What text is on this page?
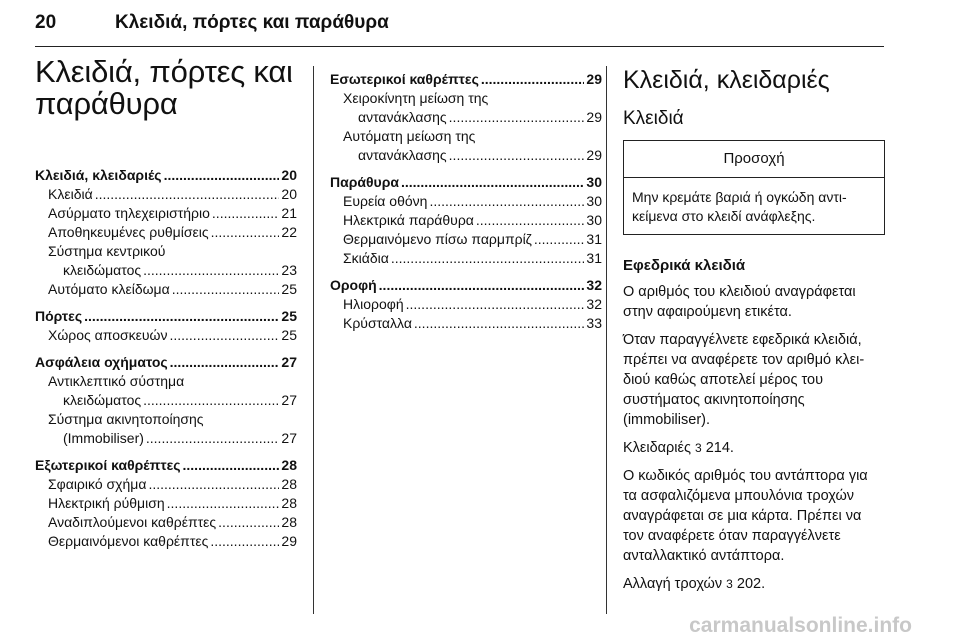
20	Κλειδιά, πόρτες και παράθυρα
Κλειδιά, πόρτες και
παράθυρα
Κλειδιά, κλειδαριές .....	20
Κλειδιά .....	20
Ασύρματο τηλεχειριστήριο .....	21
Αποθηκευμένες ρυθμίσεις .....	22
Σύστημα κεντρικού
κλειδώματος .....	23
Αυτόματο κλείδωμα .....	25
Πόρτες .....	25
Χώρος αποσκευών .....	25
Ασφάλεια οχήματος .....	27
Αντικλεπτικό σύστημα
κλειδώματος .....	27
Σύστημα ακινητοποίησης
(Immobiliser) .....	27
Εξωτερικοί καθρέπτες .....	28
Σφαιρικό σχήμα .....	28
Ηλεκτρική ρύθμιση .....	28
Αναδιπλούμενοι καθρέπτες .....	28
Θερμαινόμενοι καθρέπτες .....	29
Εσωτερικοί καθρέπτες .....	29
Χειροκίνητη μείωση της
αντανάκλασης .....	29
Αυτόματη μείωση της
αντανάκλασης .....	29
Παράθυρα .....	30
Ευρεία οθόνη .....	30
Ηλεκτρικά παράθυρα .....	30
Θερμαινόμενο πίσω παρμπρίζ .....	31
Σκιάδια .....	31
Οροφή .....	32
Ηλιοροφή .....	32
Κρύσταλλα .....	33
Κλειδιά, κλειδαριές
Κλειδιά
Προσοχή
Μην κρεμάτε βαριά ή ογκώδη αντι-κείμενα στο κλειδί ανάφλεξης.
Εφεδρικά κλειδιά

Ο αριθμός του κλειδιού αναγράφεται στην αφαιρούμενη ετικέτα.

Όταν παραγγέλνετε εφεδρικά κλειδιά, πρέπει να αναφέρετε τον αριθμό κλει-διού καθώς αποτελεί μέρος του συστήματος ακινητοποίησης (immobiliser).

Κλειδαριές 3 214.

Ο κωδικός αριθμός του αντάπτορα για τα ασφαλιζόμενα μπουλόνια τροχών αναγράφεται σε μια κάρτα. Πρέπει να τον αναφέρετε όταν παραγγέλνετε ανταλλακτικό αντάπτορα.

Αλλαγή τροχών 3 202.

carmanualsonline.info
